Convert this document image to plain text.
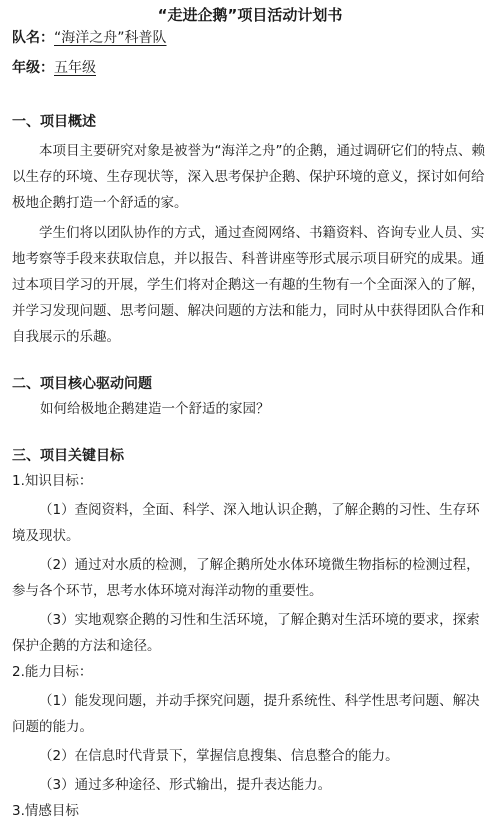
“走进企鹅”项目活动计划书
队名：“海洋之舟”科普队
年级：五年级
一、项目概述
本项目主要研究对象是被誉为“海洋之舟”的企鹅，通过调研它们的特点、赖以生存的环境、生存现状等，深入思考保护企鹅、保护环境的意义，探讨如何给极地企鹅打造一个舒适的家。
学生们将以团队协作的方式，通过查阅网络、书籍资料、咨询专业人员、实地考察等手段来获取信息，并以报告、科普讲座等形式展示项目研究的成果。通过本项目学习的开展，学生们将对企鹅这一有趣的生物有一个全面深入的了解，并学习发现问题、思考问题、解决问题的方法和能力，同时从中获得团队合作和自我展示的乐趣。
二、项目核心驱动问题
如何给极地企鹅建造一个舒适的家园？
三、项目关键目标
1.知识目标：
（1）查阅资料，全面、科学、深入地认识企鹅，了解企鹅的习性、生存环境及现状。
（2）通过对水质的检测，了解企鹅所处水体环境微生物指标的检测过程，参与各个环节，思考水体环境对海洋动物的重要性。
（3）实地观察企鹅的习性和生活环境，了解企鹅对生活环境的要求，探索保护企鹅的方法和途径。
2.能力目标：
（1）能发现问题，并动手探究问题，提升系统性、科学性思考问题、解决问题的能力。
（2）在信息时代背景下，掌握信息搜集、信息整合的能力。
（3）通过多种途径、形式输出，提升表达能力。
3.情感目标
